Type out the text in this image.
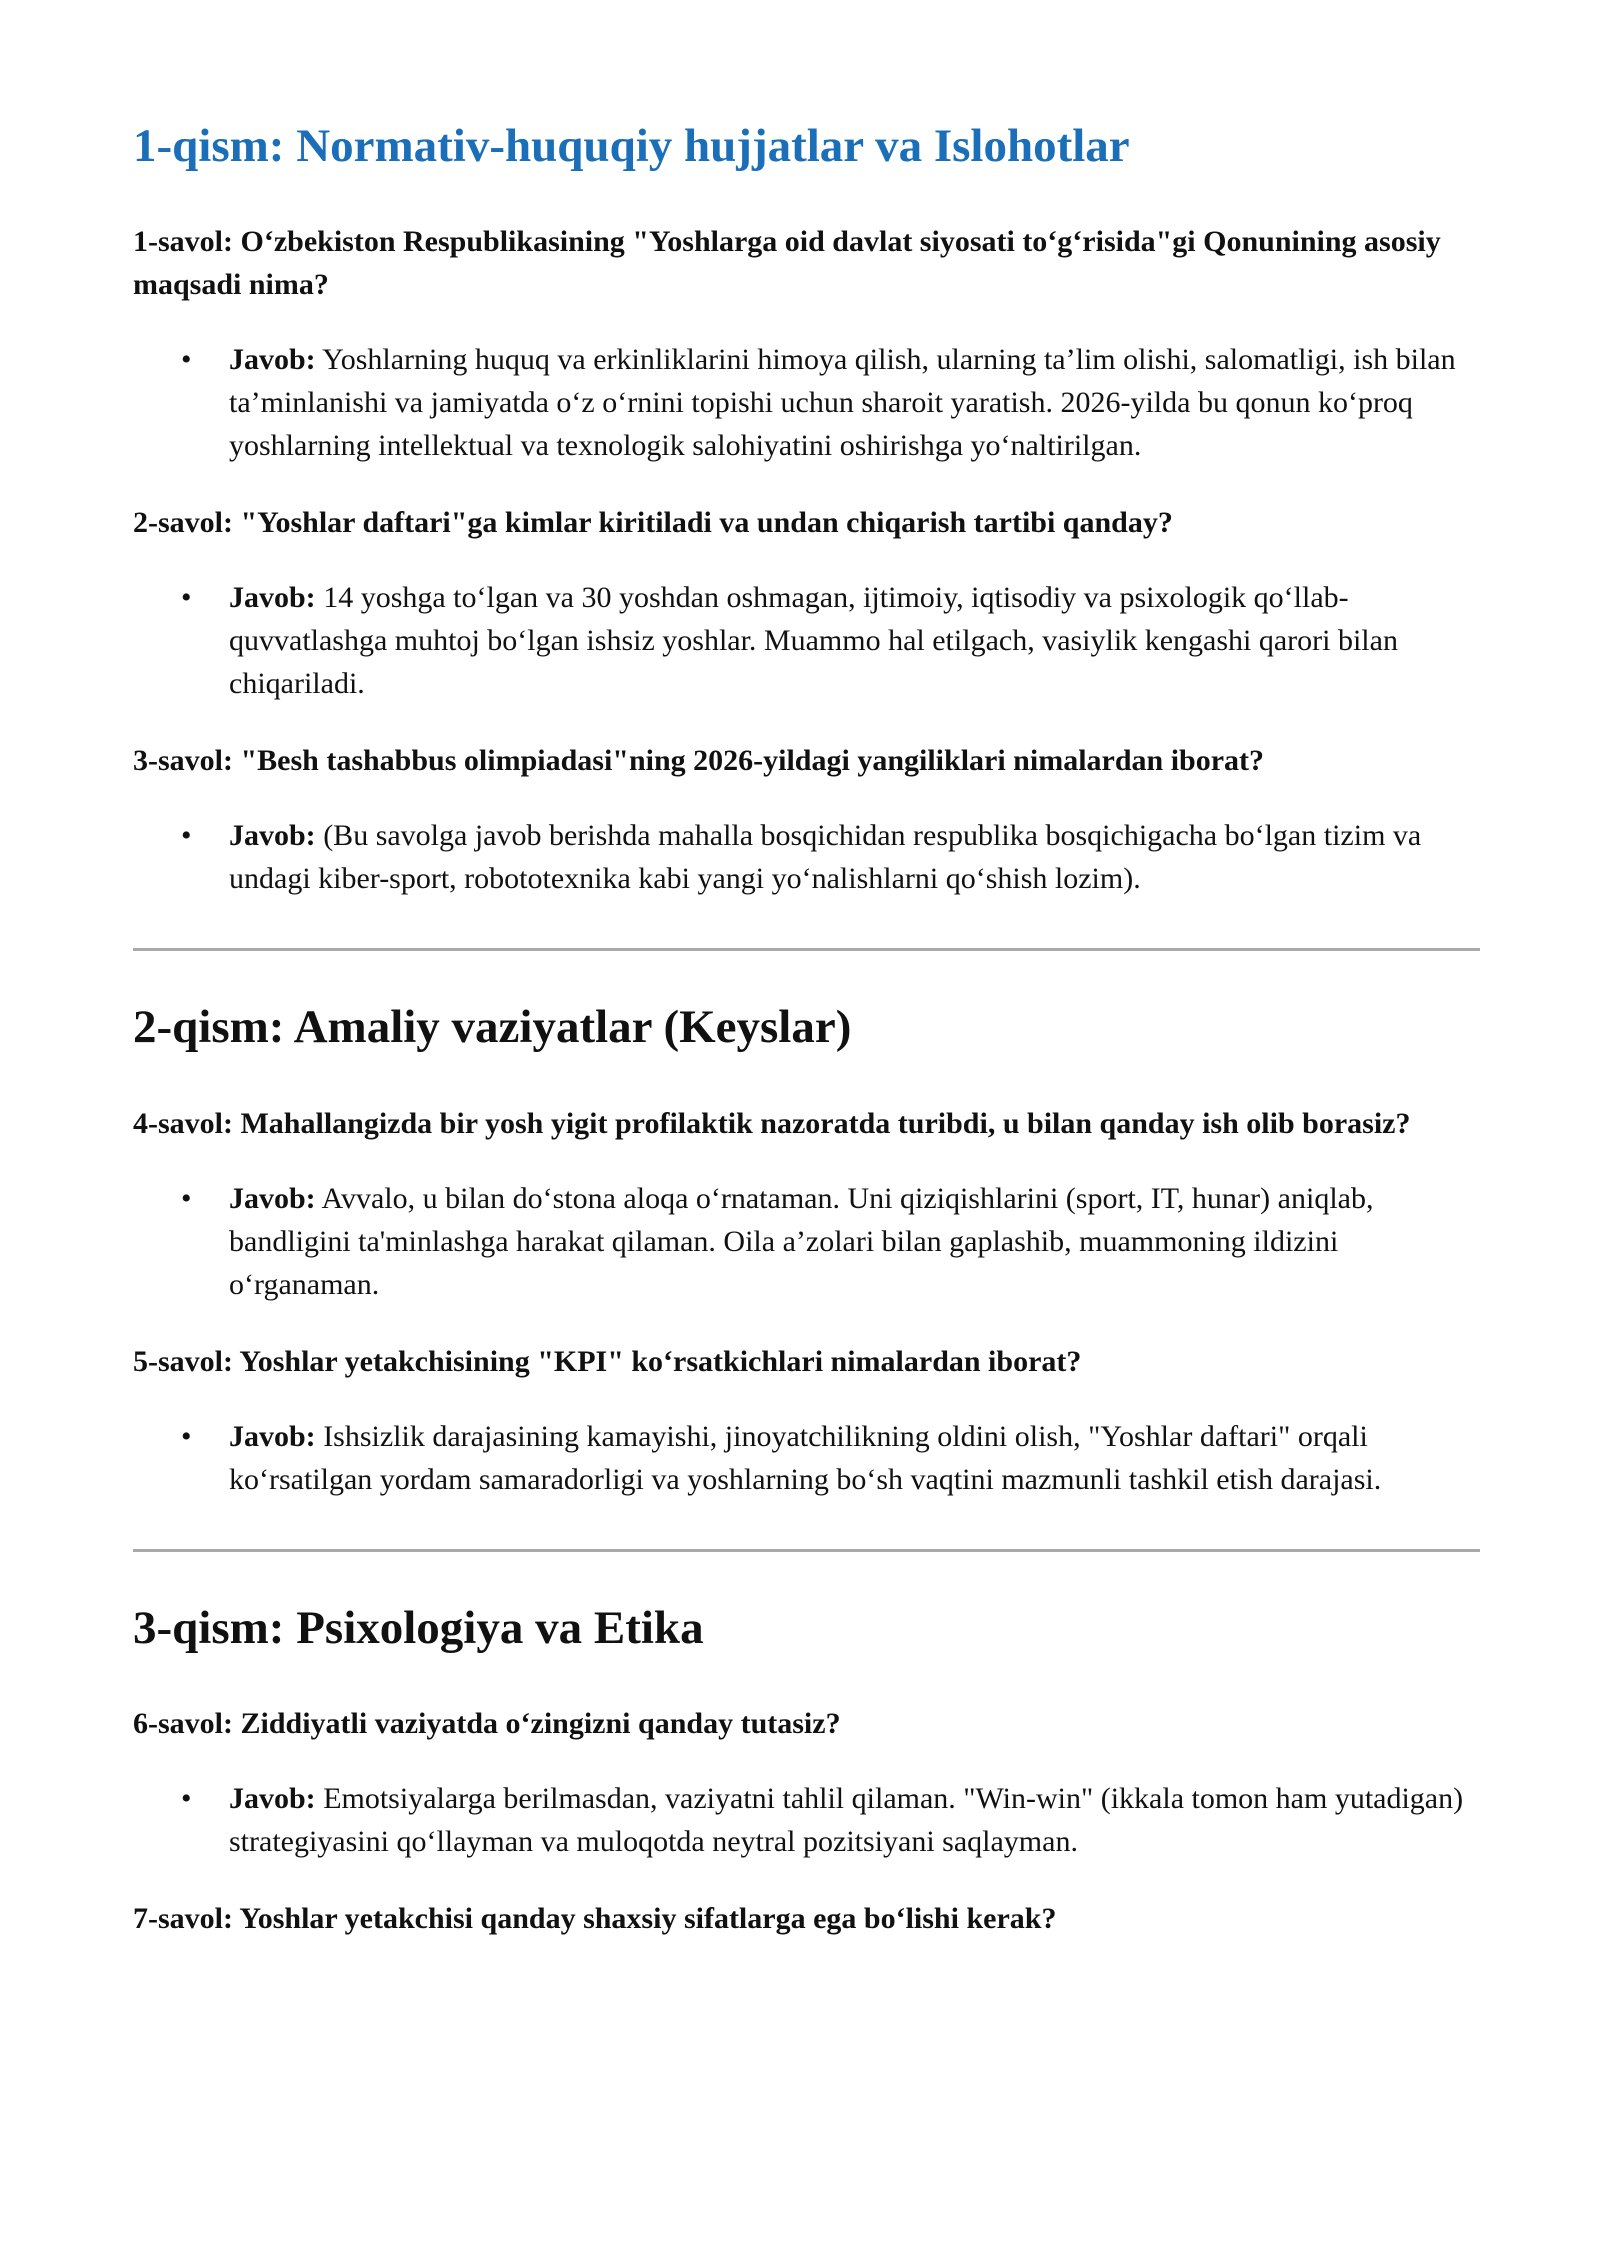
1-qism: Normativ-huquqiy hujjatlar va Islohotlar

1-savol: O‘zbekiston Respublikasining "Yoshlarga oid davlat siyosati to‘g‘risida"gi Qonunining asosiy maqsadi nima?

• Javob: Yoshlarning huquq va erkinliklarini himoya qilish, ularning ta’lim olishi, salomatligi, ish bilan ta’minlanishi va jamiyatda o‘z o‘rnini topishi uchun sharoit yaratish. 2026-yilda bu qonun ko‘proq yoshlarning intellektual va texnologik salohiyatini oshirishga yo‘naltirilgan.

2-savol: "Yoshlar daftari"ga kimlar kiritiladi va undan chiqarish tartibi qanday?

• Javob: 14 yoshga to‘lgan va 30 yoshdan oshmagan, ijtimoiy, iqtisodiy va psixologik qo‘llab-quvvatlashga muhtoj bo‘lgan ishsiz yoshlar. Muammo hal etilgach, vasiylik kengashi qarori bilan chiqariladi.

3-savol: "Besh tashabbus olimpiadasi"ning 2026-yildagi yangiliklari nimalardan iborat?

• Javob: (Bu savolga javob berishda mahalla bosqichidan respublika bosqichigacha bo‘lgan tizim va undagi kiber-sport, robototexnika kabi yangi yo‘nalishlarni qo‘shish lozim).
2-qism: Amaliy vaziyatlar (Keyslar)

4-savol: Mahallangizda bir yosh yigit profilaktik nazoratda turibdi, u bilan qanday ish olib borasiz?

• Javob: Avvalo, u bilan do‘stona aloqa o‘rnataman. Uni qiziqishlarini (sport, IT, hunar) aniqlab, bandligini ta'minlashga harakat qilaman. Oila a’zolari bilan gaplashib, muammoning ildizini o‘rganaman.

5-savol: Yoshlar yetakchisining "KPI" ko‘rsatkichlari nimalardan iborat?

• Javob: Ishsizlik darajasining kamayishi, jinoyatchilikning oldini olish, "Yoshlar daftari" orqali ko‘rsatilgan yordam samaradorligi va yoshlarning bo‘sh vaqtini mazmunli tashkil etish darajasi.
3-qism: Psixologiya va Etika

6-savol: Ziddiyatli vaziyatda o‘zingizni qanday tutasiz?

• Javob: Emotsiyalarga berilmasdan, vaziyatni tahlil qilaman. "Win-win" (ikkala tomon ham yutadigan) strategiyasini qo‘llayman va muloqotda neytral pozitsiyani saqlayman.

7-savol: Yoshlar yetakchisi qanday shaxsiy sifatlarga ega bo‘lishi kerak?
